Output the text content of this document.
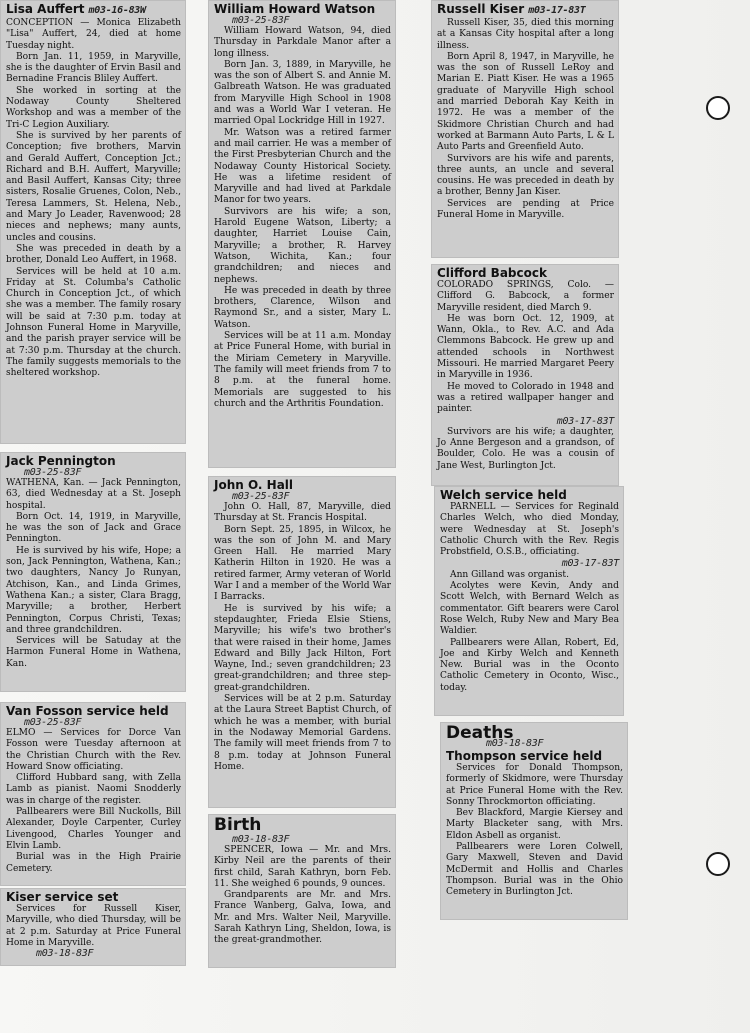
Lisa Auffert m03-16-83W

CONCEPTION — Monica Elizabeth "Lisa" Auffert, 24, died at home Tuesday night.

Born Jan. 11, 1959, in Maryville, she is the daughter of Ervin Basil and Bernadine Francis Bliley Auffert.

She worked in sorting at the Nodaway County Sheltered Workshop and was a member of the Tri-C Legion Auxiliary.

She is survived by her parents of Conception; five brothers, Marvin and Gerald Auffert, Conception Jct.; Richard and B.H. Auffert, Maryville; and Basil Auffert, Kansas City; three sisters, Rosalie Gruenes, Colon, Neb., Teresa Lammers, St. Helena, Neb., and Mary Jo Leader, Ravenwood; 28 nieces and nephews; many aunts, uncles and cousins.

She was preceded in death by a brother, Donald Leo Auffert, in 1968.

Services will be held at 10 a.m. Friday at St. Columba's Catholic Church in Conception Jct., of which she was a member. The family rosary will be said at 7:30 p.m. today at Johnson Funeral Home in Maryville, and the parish prayer service will be at 7:30 p.m. Thursday at the church. The family suggests memorials to the sheltered workshop.

Jack Pennington
m03-25-83F

WATHENA, Kan. — Jack Pennington, 63, died Wednesday at a St. Joseph hospital.

Born Oct. 14, 1919, in Maryville, he was the son of Jack and Grace Pennington.

He is survived by his wife, Hope; a son, Jack Pennington, Wathena, Kan.; two daughters, Nancy Jo Runyan, Atchison, Kan., and Linda Grimes, Wathena Kan.; a sister, Clara Bragg, Maryville; a brother, Herbert Pennington, Corpus Christi, Texas; and three grandchildren.

Services will be Satuday at the Harmon Funeral Home in Wathena, Kan.

Van Fosson service held
m03-25-83F

ELMO — Services for Dorce Van Fosson were Tuesday afternoon at the Christian Church with the Rev. Howard Snow officiating.

Clifford Hubbard sang, with Zella Lamb as pianist. Naomi Snodderly was in charge of the register.

Pallbearers were Bill Nuckolls, Bill Alexander, Doyle Carpenter, Curley Livengood, Charles Younger and Elvin Lamb.

Burial was in the High Prairie Cemetery.

Kiser service set

Services for Russell Kiser, Maryville, who died Thursday, will be at 2 p.m. Saturday at Price Funeral Home in Maryville.

m03-18-83F
William Howard Watson
m03-25-83F

William Howard Watson, 94, died Thursday in Parkdale Manor after a long illness.

Born Jan. 3, 1889, in Maryville, he was the son of Albert S. and Annie M. Galbreath Watson. He was graduated from Maryville High School in 1908 and was a World War I veteran. He married Opal Lockridge Hill in 1927.

Mr. Watson was a retired farmer and mail carrier. He was a member of the First Presbyterian Church and the Nodaway County Historical Society. He was a lifetime resident of Maryville and had lived at Parkdale Manor for two years.

Survivors are his wife; a son, Harold Eugene Watson, Liberty; a daughter, Harriet Louise Cain, Maryville; a brother, R. Harvey Watson, Wichita, Kan.; four grandchildren; and nieces and nephews.

He was preceded in death by three brothers, Clarence, Wilson and Raymond Sr., and a sister, Mary L. Watson.

Services will be at 11 a.m. Monday at Price Funeral Home, with burial in the Miriam Cemetery in Maryville. The family will meet friends from 7 to 8 p.m. at the funeral home. Memorials are suggested to his church and the Arthritis Foundation.

John O. Hall
m03-25-83F

John O. Hall, 87, Maryville, died Thursday at St. Francis Hospital.

Born Sept. 25, 1895, in Wilcox, he was the son of John M. and Mary Green Hall. He married Mary Katherin Hilton in 1920. He was a retired farmer, Army veteran of World War I and a member of the World War I Barracks.

He is survived by his wife; a stepdaughter, Frieda Elsie Stiens, Maryville; his wife's two brother's that were raised in their home, James Edward and Billy Jack Hilton, Fort Wayne, Ind.; seven grandchildren; 23 great-grandchildren; and three step-great-grandchildren.

Services will be at 2 p.m. Saturday at the Laura Street Baptist Church, of which he was a member, with burial in the Nodaway Memorial Gardens. The family will meet friends from 7 to 8 p.m. today at Johnson Funeral Home.

Birth
m03-18-83F

SPENCER, Iowa — Mr. and Mrs. Kirby Neil are the parents of their first child, Sarah Kathryn, born Feb. 11. She weighed 6 pounds, 9 ounces.

Grandparents are Mr. and Mrs. France Wanberg, Galva, Iowa, and Mr. and Mrs. Walter Neil, Maryville. Sarah Kathryn Ling, Sheldon, Iowa, is the great-grandmother.

Russell Kiser m03-17-83T

Russell Kiser, 35, died this morning at a Kansas City hospital after a long illness.

Born April 8, 1947, in Maryville, he was the son of Russell LeRoy and Marian E. Piatt Kiser. He was a 1965 graduate of Maryville High school and married Deborah Kay Keith in 1972. He was a member of the Skidmore Christian Church and had worked at Barmann Auto Parts, L & L Auto Parts and Greenfield Auto.

Survivors are his wife and parents, three aunts, an uncle and several cousins. He was preceded in death by a brother, Benny Jan Kiser.

Services are pending at Price Funeral Home in Maryville.

Clifford Babcock

COLORADO SPRINGS, Colo. — Clifford G. Babcock, a former Maryville resident, died March 9.

He was born Oct. 12, 1909, at Wann, Okla., to Rev. A.C. and Ada Clemmons Babcock. He grew up and attended schools in Northwest Missouri. He married Margaret Peery in Maryville in 1936.

He moved to Colorado in 1948 and was a retired wallpaper hanger and painter.

m03-17-83T

Survivors are his wife; a daughter, Jo Anne Bergeson and a grandson, of Boulder, Colo. He was a cousin of Jane West, Burlington Jct.

Welch service held

PARNELL — Services for Reginald Charles Welch, who died Monday, were Wednesday at St. Joseph's Catholic Church with the Rev. Regis Probstfield, O.S.B., officiating.

m03-17-83T

Ann Gilland was organist.

Acolytes were Kevin, Andy and Scott Welch, with Bernard Welch as commentator. Gift bearers were Carol Rose Welch, Ruby New and Mary Bea Waldier.

Pallbearers were Allan, Robert, Ed, Joe and Kirby Welch and Kenneth New. Burial was in the Oconto Catholic Cemetery in Oconto, Wisc., today.

Deaths
m03-18-83F
Thompson service held

Services for Donald Thompson, formerly of Skidmore, were Thursday at Price Funeral Home with the Rev. Sonny Throckmorton officiating.

Bev Blackford, Margie Kiersey and Marty Blacketer sang, with Mrs. Eldon Asbell as organist.

Pallbearers were Loren Colwell, Gary Maxwell, Steven and David McDermit and Hollis and Charles Thompson. Burial was in the Ohio Cemetery in Burlington Jct.
